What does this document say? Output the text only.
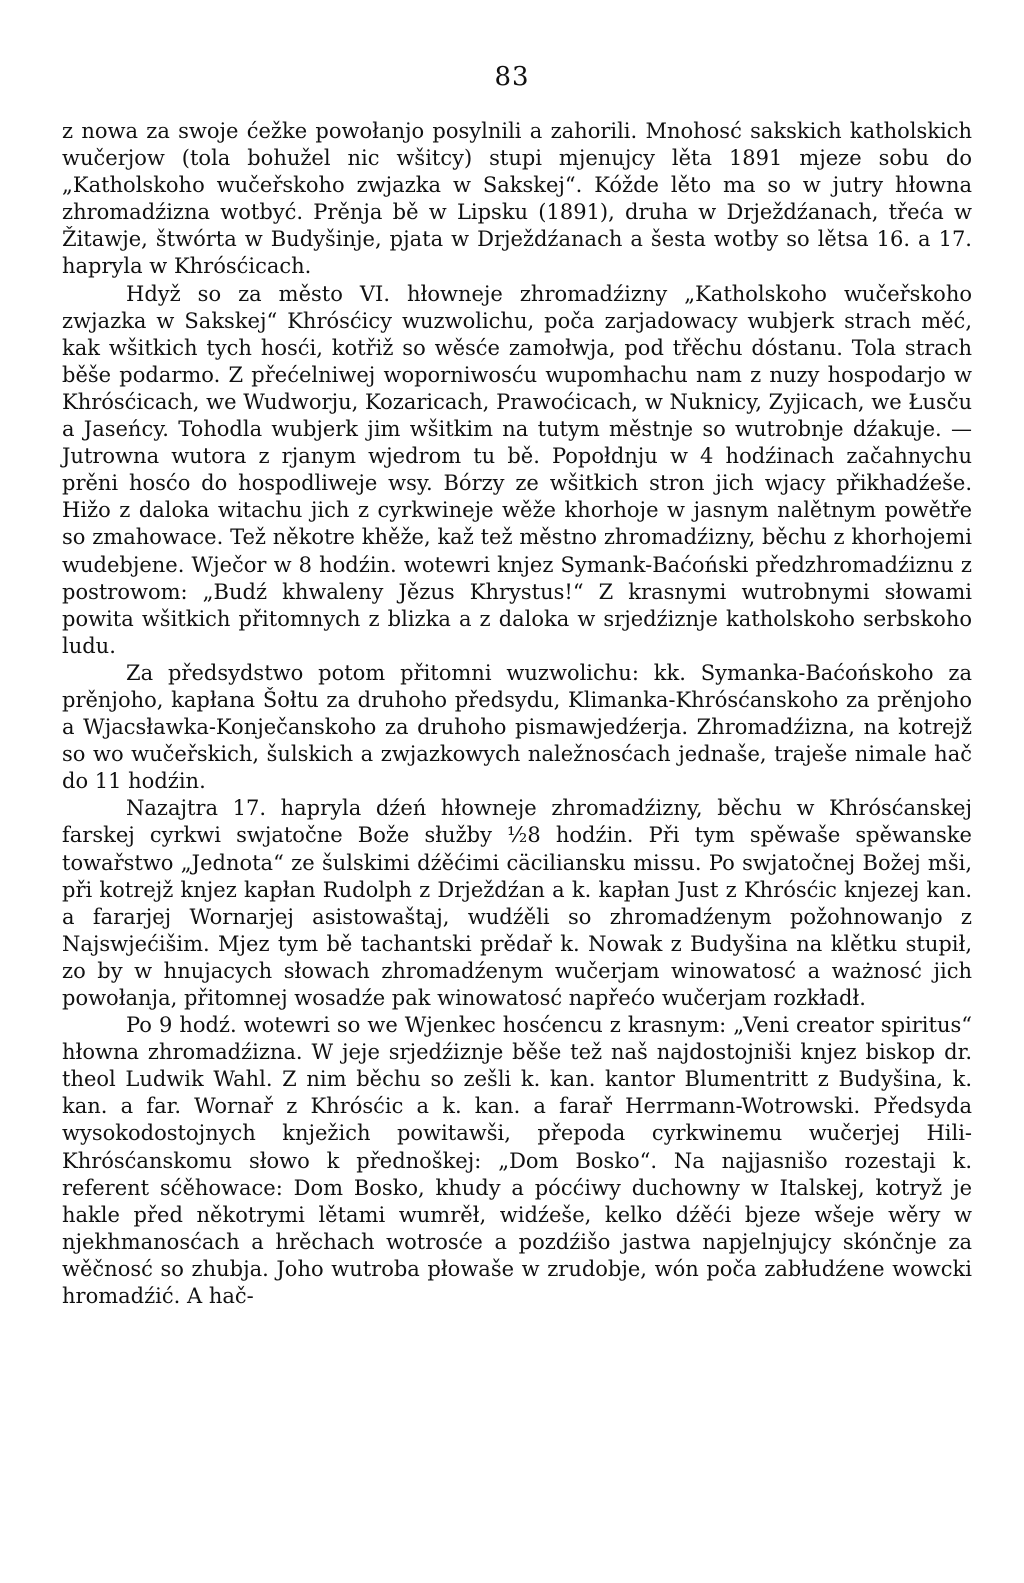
83

z nowa za swoje ćežke powołanjo posylnili a zahorili. Mnohosć sakskich katholskich wučerjow (tola bohužel nic wšitcy) stupi mjenujcy lěta 1891 mjeze sobu do „Katholskoho wučeřskoho zwjazka w Sakskej“. Kóžde lěto ma so w jutry hłowna zhromadźizna wotbyć. Prěnja bě w Lipsku (1891), druha w Drježdźanach, třeća w Žitawje, štwórta w Budyšinje, pjata w Drježdźanach a šesta wotby so lětsa 16. a 17. hapryla w Khrósćicach.

Hdyž so za město VI. hłowneje zhromadźizny „Katholskoho wučeřskoho zwjazka w Sakskej“ Khrósćicy wuzwolichu, poča zarjadowacy wubjerk strach měć, kak wšitkich tych hosći, kotřiž so wěsće zamołwja, pod třěchu dóstanu. Tola strach běše podarmo. Z přećelniwej woporniwosću wupomhachu nam z nuzy hospodarjo w Khrósćicach, we Wudworju, Kozaricach, Prawoćicach, w Nuknicy, Zyjicach, we Łusču a Jasеńcy. Tohodla wubjerk jim wšitkim na tutym městnje so wutrobnje dźakuje. — Jutrowna wutora z rjanym wjedrom tu bě. Popołdnju w 4 hodźinach začahnychu prěni hosćo do hospodliweje wsy. Bórzy ze wšitkich stron jich wjacy přikhadźeše. Hižo z daloka witachu jich z cyrkwineje wěže khorhoje w jasnym nalětnym powětře so zmahowace. Tež někotre khěže, kaž tež městno zhromadźizny, běchu z khorhojemi wudebjene. Wječor w 8 hodźin. wotewri knjez Symank-Baćoński předzhromadźiznu z postrowom: „Budź khwaleny Jězus Khrystus!“ Z krasnymi wutrobnymi słowami powita wšitkich přitomnych z blizka a z daloka w srjedźiznje katholskoho serbskoho ludu.

Za předsydstwo potom přitomni wuzwolichu: kk. Symanka-Baćońskoho za prěnjoho, kapłana Šołtu za druhoho předsydu, Klimanka-Khrósćanskoho za prěnjoho a Wjacsławka-Konječanskoho za druhoho pismawjedźerja. Zhromadźizna, na kotrejž so wo wučeřskich, šulskich a zwjazkowych naležnosćach jednaše, traješe nimale hač do 11 hodźin.

Nazajtra 17. hapryla dźeń hłowneje zhromadźizny, běchu w Khrósćanskej farskej cyrkwi swjatočne Bože słužby ½8 hodźin. Při tym spěwaše spěwanske towařstwo „Jednota“ ze šulskimi dźěćimi cäciliansku missu. Po swjatočnej Božej mši, při kotrejž knjez kapłan Rudolph z Drježdźan a k. kapłan Just z Khrósćic knjezej kan. a fararjej Wornarjej asistowaštaj, wudźěli so zhromadźenym požohnowanjo z Najswjećišim. Mjez tym bě tachantski prědař k. Nowak z Budyšina na klětku stupił, zo by w hnujacych słowach zhromadźenym wučerjam winowatosć a ważnosć jich powołanja, přitomnej wosadźe pak winowatosć napřećo wučerjam rozkładł.

Po 9 hodź. wotewri so we Wjenkec hosćencu z krasnym: „Veni creator spiritus“ hłowna zhromadźizna. W jeje srjedźiznje běše tež naš najdostojniši knjez biskop dr. theol Ludwik Wahl. Z nim běchu so zešli k. kan. kantor Blumentritt z Budyšina, k. kan. a far. Wornař z Khrósćic a k. kan. a farař Herrmann-Wotrowski. Předsyda wysokodostojnych knježich powitawši, přepoda cyrkwinemu wučerjej Hili-Khrósćanskomu słowo k přednoškej: „Dom Bosko“. Na najjasnišo rozestaji k. referent sćěhowace: Dom Bosko, khudy a pócćiwy duchowny w Italskej, kotryž je hakle před někotrymi lětami wumrěł, widźeše, kelko dźěći bjeze wšeje wěry w njekhmanosćach a hrěchach wotrosće a pozdźišo jastwa napjelnjujcy skónčnje za wěčnosć so zhubja. Joho wutroba płowaše w zrudobje, wón poča zabłudźene wowcki hromadźić. A hač-
